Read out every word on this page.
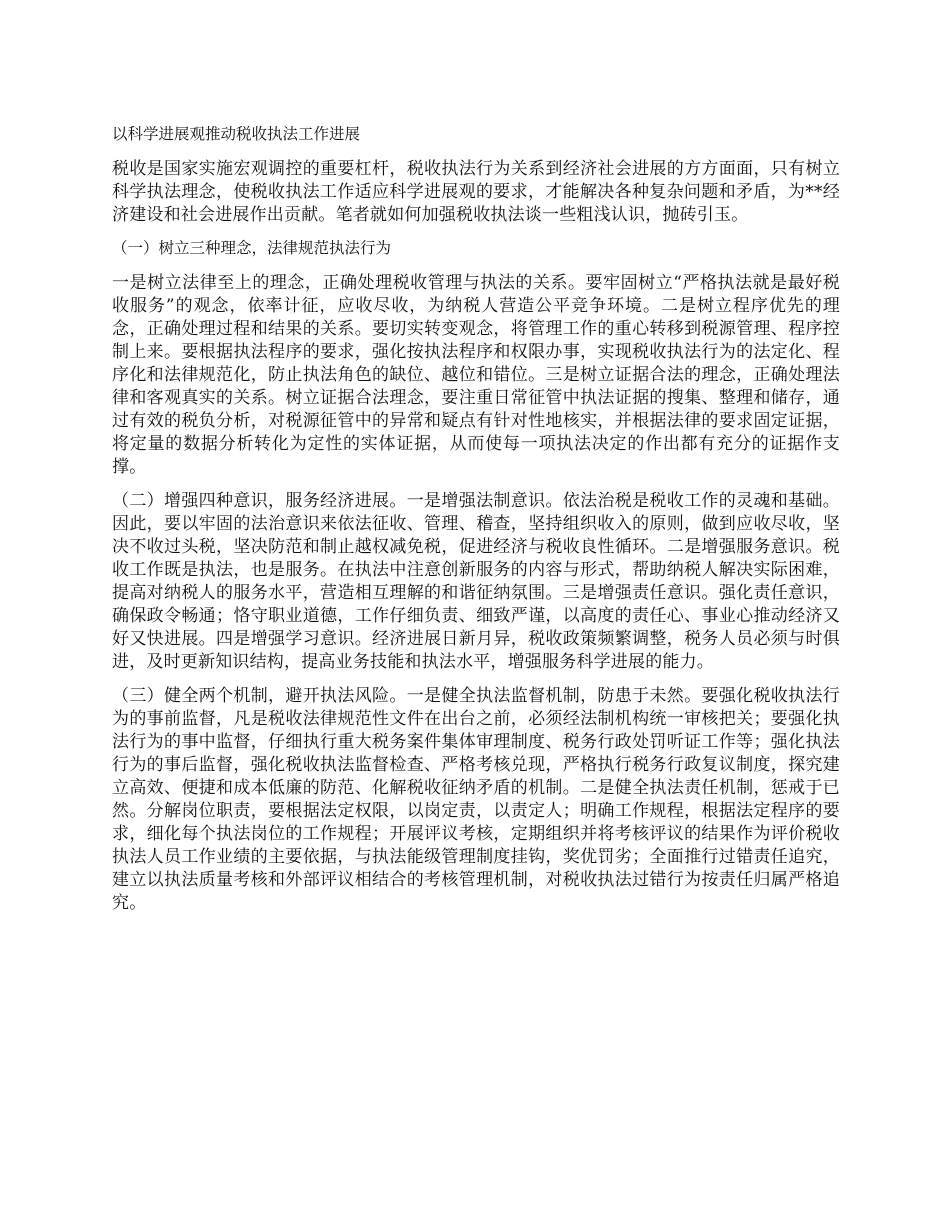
以科学进展观推动税收执法工作进展

税收是国家实施宏观调控的重要杠杆，税收执法行为关系到经济社会进展的方方面面，只有树立科学执法理念，使税收执法工作适应科学进展观的要求，才能解决各种复杂问题和矛盾，为**经济建设和社会进展作出贡献。笔者就如何加强税收执法谈一些粗浅认识，抛砖引玉。

（一）树立三种理念，法律规范执法行为

一是树立法律至上的理念，正确处理税收管理与执法的关系。要牢固树立“严格执法就是最好税收服务”的观念，依率计征，应收尽收，为纳税人营造公平竞争环境。二是树立程序优先的理念，正确处理过程和结果的关系。要切实转变观念，将管理工作的重心转移到税源管理、程序控制上来。要根据执法程序的要求，强化按执法程序和权限办事，实现税收执法行为的法定化、程序化和法律规范化，防止执法角色的缺位、越位和错位。三是树立证据合法的理念，正确处理法律和客观真实的关系。树立证据合法理念，要注重日常征管中执法证据的搜集、整理和储存，通过有效的税负分析，对税源征管中的异常和疑点有针对性地核实，并根据法律的要求固定证据，将定量的数据分析转化为定性的实体证据，从而使每一项执法决定的作出都有充分的证据作支撑。

（二）增强四种意识，服务经济进展。一是增强法制意识。依法治税是税收工作的灵魂和基础。因此，要以牢固的法治意识来依法征收、管理、稽查，坚持组织收入的原则，做到应收尽收，坚决不收过头税，坚决防范和制止越权减免税，促进经济与税收良性循环。二是增强服务意识。税收工作既是执法，也是服务。在执法中注意创新服务的内容与形式，帮助纳税人解决实际困难，提高对纳税人的服务水平，营造相互理解的和谐征纳氛围。三是增强责任意识。强化责任意识，确保政令畅通；恪守职业道德，工作仔细负责、细致严谨，以高度的责任心、事业心推动经济又好又快进展。四是增强学习意识。经济进展日新月异，税收政策频繁调整，税务人员必须与时俱进，及时更新知识结构，提高业务技能和执法水平，增强服务科学进展的能力。

（三）健全两个机制，避开执法风险。一是健全执法监督机制，防患于未然。要强化税收执法行为的事前监督，凡是税收法律规范性文件在出台之前，必须经法制机构统一审核把关；要强化执法行为的事中监督，仔细执行重大税务案件集体审理制度、税务行政处罚听证工作等；强化执法行为的事后监督，强化税收执法监督检查、严格考核兑现，严格执行税务行政复议制度，探究建立高效、便捷和成本低廉的防范、化解税收征纳矛盾的机制。二是健全执法责任机制，惩戒于已然。分解岗位职责，要根据法定权限，以岗定责，以责定人；明确工作规程，根据法定程序的要求，细化每个执法岗位的工作规程；开展评议考核，定期组织并将考核评议的结果作为评价税收执法人员工作业绩的主要依据，与执法能级管理制度挂钩，奖优罚劣；全面推行过错责任追究，建立以执法质量考核和外部评议相结合的考核管理机制，对税收执法过错行为按责任归属严格追究。
